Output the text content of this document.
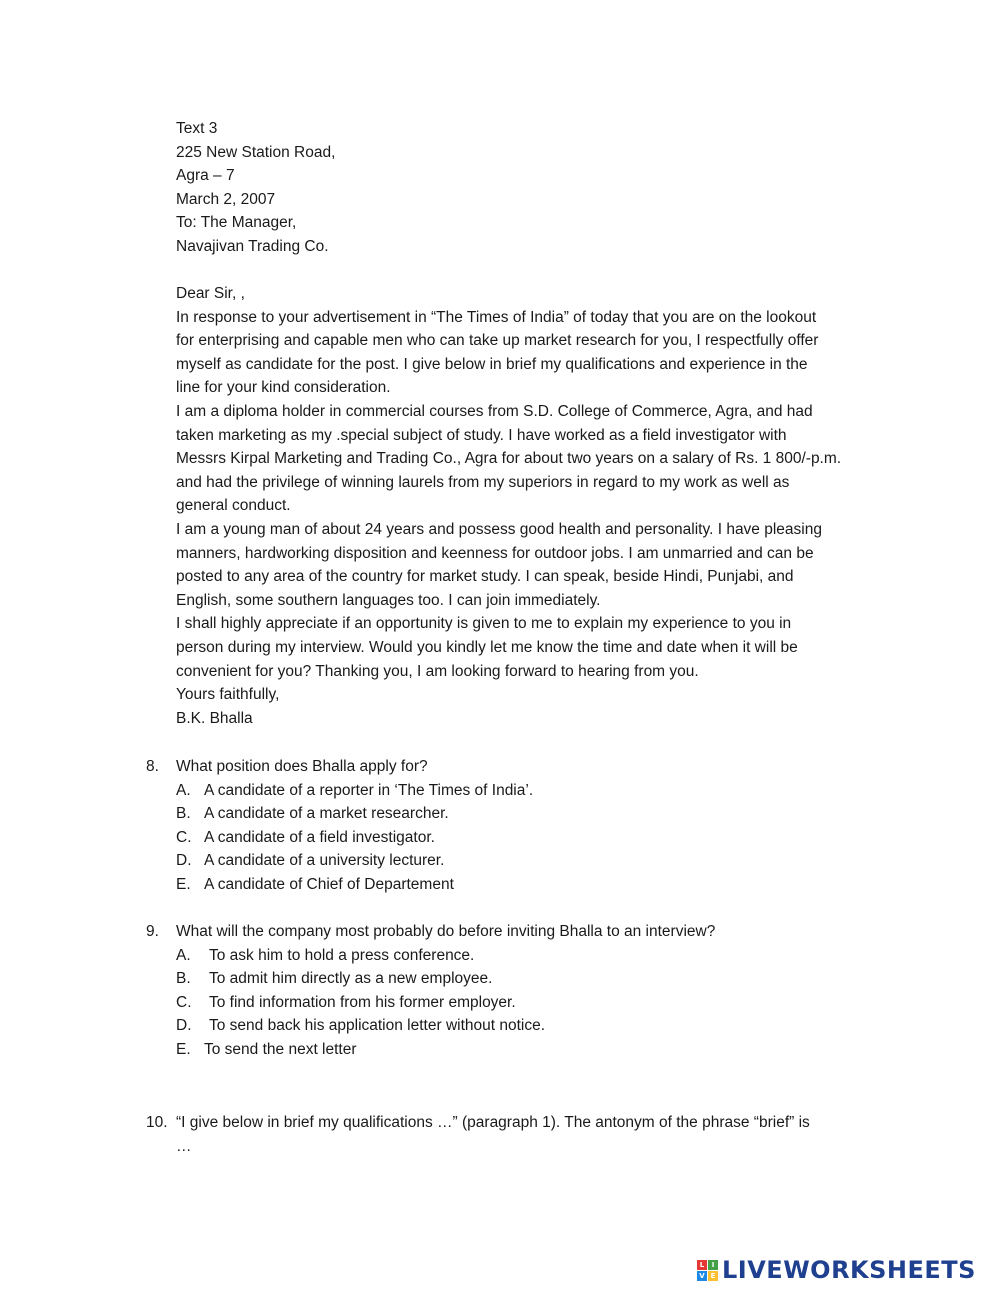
Text 3
225 New Station Road,
Agra – 7
March 2, 2007
To: The Manager,
Navajivan Trading Co.
Dear Sir, ,
In response to your advertisement in “The Times of India” of today that you are on the lookout
for enterprising and capable men who can take up market research for you, I respectfully offer
myself as candidate for the post. I give below in brief my qualifications and experience in the
line for your kind consideration.
I am a diploma holder in commercial courses from S.D. College of Commerce, Agra, and had
taken marketing as my .special subject of study. I have worked as a field investigator with
Messrs Kirpal Marketing and Trading Co., Agra for about two years on a salary of Rs. 1 800/-p.m.
and had the privilege of winning laurels from my superiors in regard to my work as well as
general conduct.
I am a young man of about 24 years and possess good health and personality. I have pleasing
manners, hardworking disposition and keenness for outdoor jobs. I am unmarried and can be
posted to any area of the country for market study. I can speak, beside Hindi, Punjabi, and
English, some southern languages too. I can join immediately.
I shall highly appreciate if an opportunity is given to me to explain my experience to you in
person during my interview. Would you kindly let me know the time and date when it will be
convenient for you? Thanking you, I am looking forward to hearing from you.
Yours faithfully,
B.K. Bhalla
8.	What position does Bhalla apply for?
A. A candidate of a reporter in ‘The Times of India’.
B. A candidate of a market researcher.
C. A candidate of a field investigator.
D. A candidate of a university lecturer.
E. A candidate of Chief of Departement
9.	What will the company most probably do before inviting Bhalla to an interview?
A. To ask him to hold a press conference.
B. To admit him directly as a new employee.
C. To find information from his former employer.
D. To send back his application letter without notice.
E. To send the next letter
10. “I give below in brief my qualifications …” (paragraph 1). The antonym of the phrase “brief” is
…
L	I
V E LIVEWORKSHEETS
